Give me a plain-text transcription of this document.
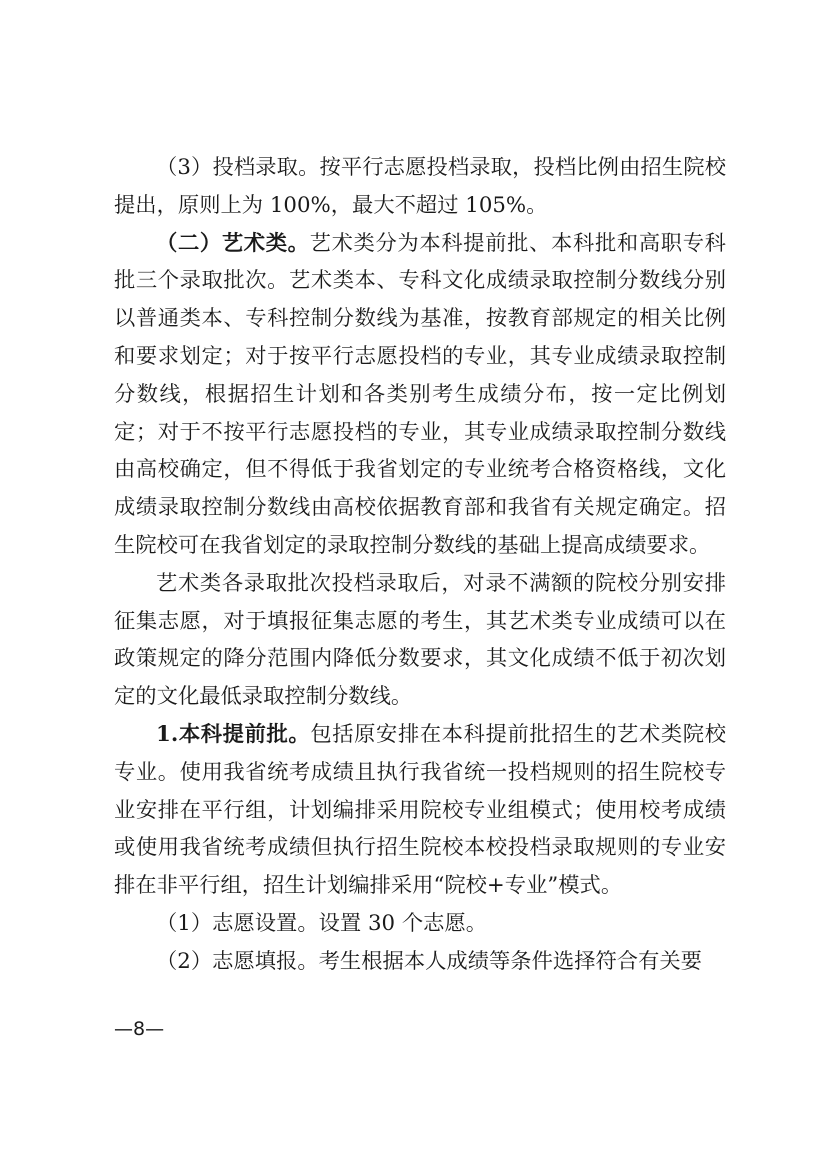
（3）投档录取。按平行志愿投档录取，投档比例由招生院校提出，原则上为 100%，最大不超过 105%。

（二）艺术类。艺术类分为本科提前批、本科批和高职专科批三个录取批次。艺术类本、专科文化成绩录取控制分数线分别以普通类本、专科控制分数线为基准，按教育部规定的相关比例和要求划定；对于按平行志愿投档的专业，其专业成绩录取控制分数线，根据招生计划和各类别考生成绩分布，按一定比例划定；对于不按平行志愿投档的专业，其专业成绩录取控制分数线由高校确定，但不得低于我省划定的专业统考合格资格线，文化成绩录取控制分数线由高校依据教育部和我省有关规定确定。招生院校可在我省划定的录取控制分数线的基础上提高成绩要求。

艺术类各录取批次投档录取后，对录不满额的院校分别安排征集志愿，对于填报征集志愿的考生，其艺术类专业成绩可以在政策规定的降分范围内降低分数要求，其文化成绩不低于初次划定的文化最低录取控制分数线。

1.本科提前批。包括原安排在本科提前批招生的艺术类院校专业。使用我省统考成绩且执行我省统一投档规则的招生院校专业安排在平行组，计划编排采用院校专业组模式；使用校考成绩或使用我省统考成绩但执行招生院校本校投档录取规则的专业安排在非平行组，招生计划编排采用“院校+专业”模式。

（1）志愿设置。设置 30 个志愿。

（2）志愿填报。考生根据本人成绩等条件选择符合有关要

—8—
